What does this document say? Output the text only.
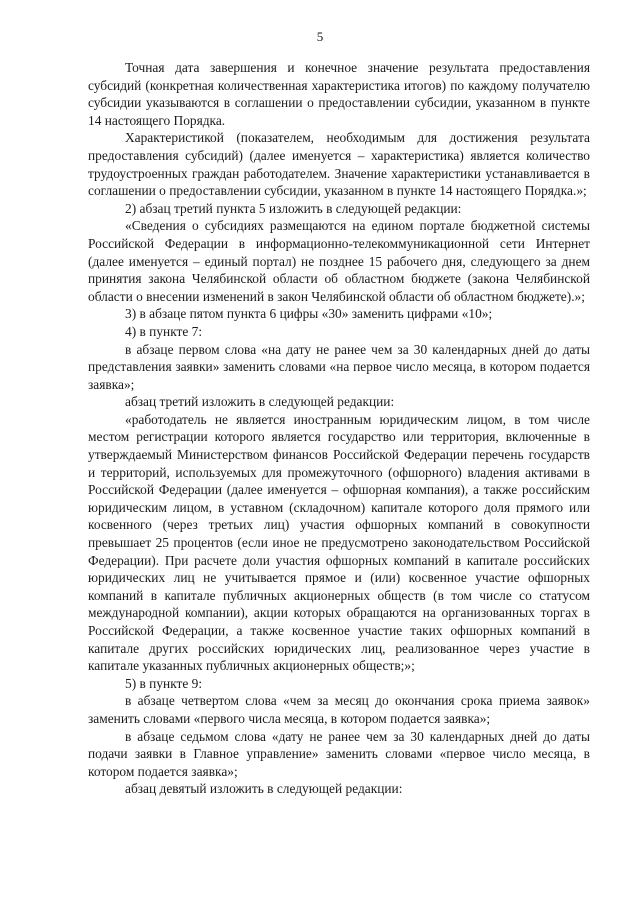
5

Точная дата завершения и конечное значение результата предоставления субсидий (конкретная количественная характеристика итогов) по каждому получателю субсидии указываются в соглашении о предоставлении субсидии, указанном в пункте 14 настоящего Порядка.

Характеристикой (показателем, необходимым для достижения результата предоставления субсидий) (далее именуется – характеристика) является количество трудоустроенных граждан работодателем. Значение характеристики устанавливается в соглашении о предоставлении субсидии, указанном в пункте 14 настоящего Порядка.»;

2) абзац третий пункта 5 изложить в следующей редакции:

«Сведения о субсидиях размещаются на едином портале бюджетной системы Российской Федерации в информационно-телекоммуникационной сети Интернет (далее именуется – единый портал) не позднее 15 рабочего дня, следующего за днем принятия закона Челябинской области об областном бюджете (закона Челябинской области о внесении изменений в закон Челябинской области об областном бюджете).»;

3) в абзаце пятом пункта 6 цифры «30» заменить цифрами «10»;

4) в пункте 7:

в абзаце первом слова «на дату не ранее чем за 30 календарных дней до даты представления заявки» заменить словами «на первое число месяца, в котором подается заявка»;

абзац третий изложить в следующей редакции:

«работодатель не является иностранным юридическим лицом, в том числе местом регистрации которого является государство или территория, включенные в утверждаемый Министерством финансов Российской Федерации перечень государств и территорий, используемых для промежуточного (офшорного) владения активами в Российской Федерации (далее именуется – офшорная компания), а также российским юридическим лицом, в уставном (складочном) капитале которого доля прямого или косвенного (через третьих лиц) участия офшорных компаний в совокупности превышает 25 процентов (если иное не предусмотрено законодательством Российской Федерации). При расчете доли участия офшорных компаний в капитале российских юридических лиц не учитывается прямое и (или) косвенное участие офшорных компаний в капитале публичных акционерных обществ (в том числе со статусом международной компании), акции которых обращаются на организованных торгах в Российской Федерации, а также косвенное участие таких офшорных компаний в капитале других российских юридических лиц, реализованное через участие в капитале указанных публичных акционерных обществ;»;

5) в пункте 9:

в абзаце четвертом слова «чем за месяц до окончания срока приема заявок» заменить словами «первого числа месяца, в котором подается заявка»;

в абзаце седьмом слова «дату не ранее чем за 30 календарных дней до даты подачи заявки в Главное управление» заменить словами «первое число месяца, в котором подается заявка»;

абзац девятый изложить в следующей редакции:
